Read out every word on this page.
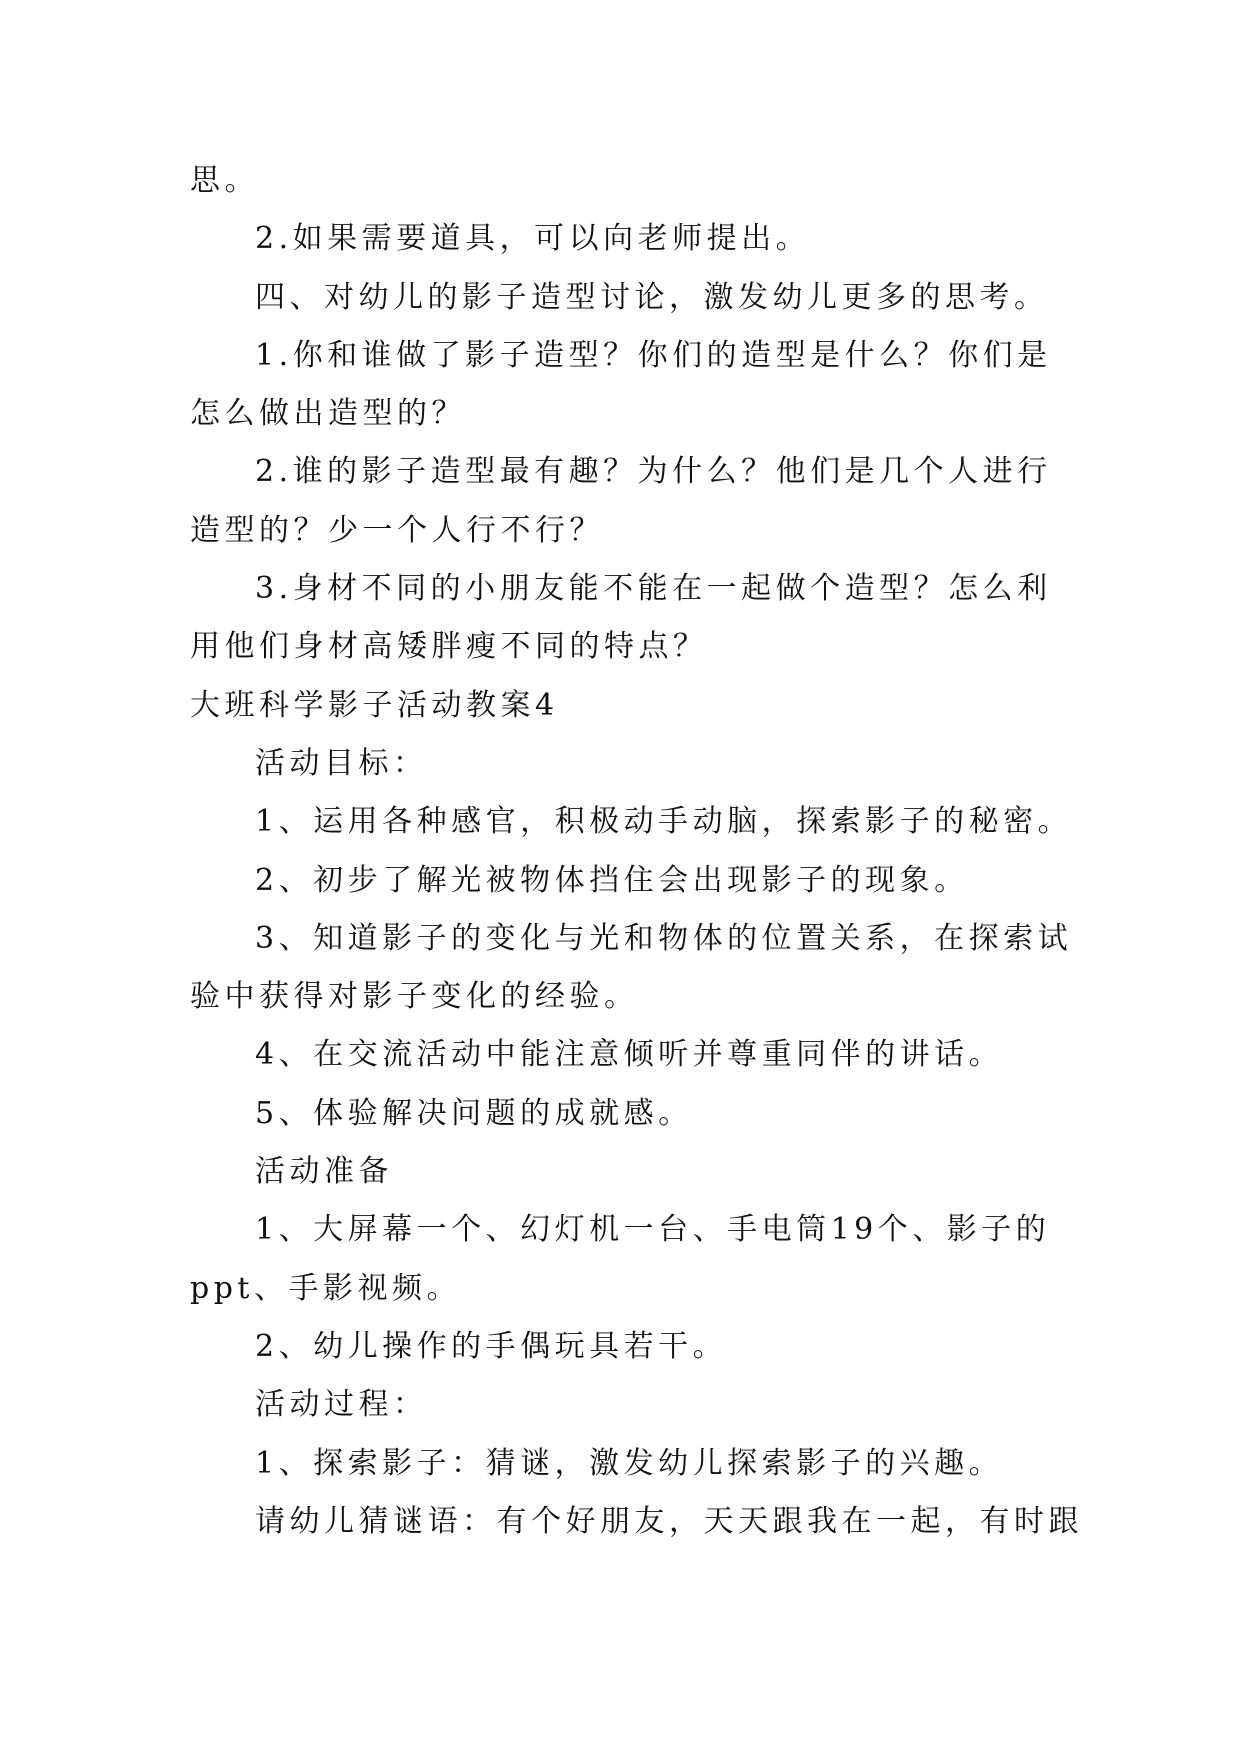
思。
2.如果需要道具，可以向老师提出。
四、对幼儿的影子造型讨论，激发幼儿更多的思考。
1.你和谁做了影子造型？你们的造型是什么？你们是
怎么做出造型的？
2.谁的影子造型最有趣？为什么？他们是几个人进行
造型的？少一个人行不行？
3.身材不同的小朋友能不能在一起做个造型？怎么利
用他们身材高矮胖瘦不同的特点？
大班科学影子活动教案4
活动目标：
1、运用各种感官，积极动手动脑，探索影子的秘密。
2、初步了解光被物体挡住会出现影子的现象。
3、知道影子的变化与光和物体的位置关系，在探索试
验中获得对影子变化的经验。
4、在交流活动中能注意倾听并尊重同伴的讲话。
5、体验解决问题的成就感。
活动准备
1、大屏幕一个、幻灯机一台、手电筒19个、影子的
ppt、手影视频。
2、幼儿操作的手偶玩具若干。
活动过程：
1、探索影子：猜谜，激发幼儿探索影子的兴趣。
请幼儿猜谜语：有个好朋友，天天跟我在一起，有时跟
